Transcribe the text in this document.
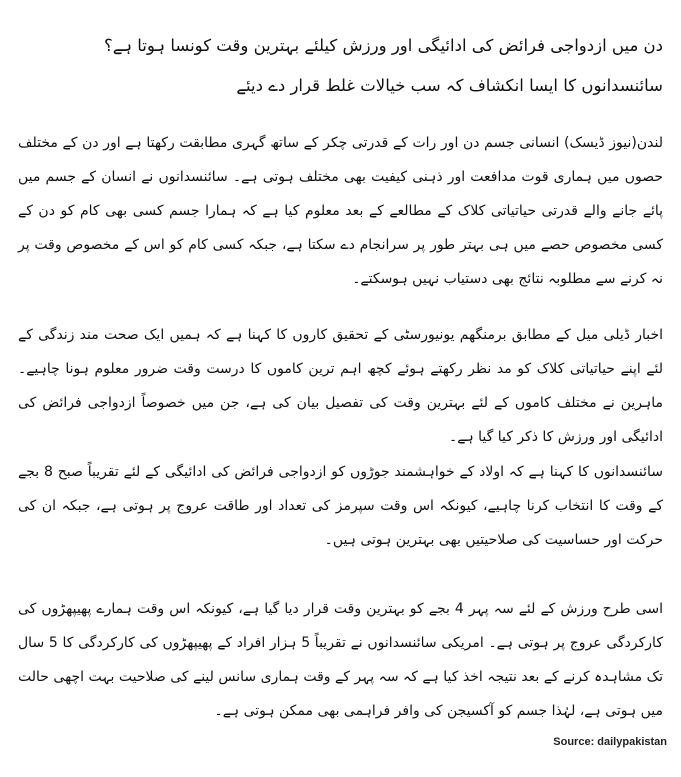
دن میں ازدواجی فرائض کی ادائیگی اور ورزش کیلئے بہترین وقت کونسا ہوتا ہے؟ سائنسدانوں کا ایسا انکشاف کہ سب خیالات غلط قرار دے دیئے
لندن(نیوز ڈیسک) انسانی جسم دن اور رات کے قدرتی چکر کے ساتھ گہری مطابقت رکھتا ہے اور دن کے مختلف حصوں میں ہماری قوت مدافعت اور ذہنی کیفیت بھی مختلف ہوتی ہے۔ سائنسدانوں نے انسان کے جسم میں پائے جانے والے قدرتی حیاتیاتی کلاک کے مطالعے کے بعد معلوم کیا ہے کہ ہمارا جسم کسی بھی کام کو دن کے کسی مخصوص حصے میں ہی بہتر طور پر سرانجام دے سکتا ہے، جبکہ کسی کام کو اس کے مخصوص وقت پر نہ کرنے سے مطلوبہ نتائج بھی دستیاب نہیں ہوسکتے۔
اخبار ڈیلی میل کے مطابق برمنگھم یونیورسٹی کے تحقیق کاروں کا کہنا ہے کہ ہمیں ایک صحت مند زندگی کے لئے اپنے حیاتیاتی کلاک کو مد نظر رکھتے ہوئے کچھ اہم ترین کاموں کا درست وقت ضرور معلوم ہونا چاہیے۔ ماہرین نے مختلف کاموں کے لئے بہترین وقت کی تفصیل بیان کی ہے، جن میں خصوصاً ازدواجی فرائض کی ادائیگی اور ورزش کا ذکر کیا گیا ہے۔
سائنسدانوں کا کہنا ہے کہ اولاد کے خواہشمند جوڑوں کو ازدواجی فرائض کی ادائیگی کے لئے تقریباً صبح 8 بجے کے وقت کا انتخاب کرنا چاہیے، کیونکہ اس وقت سپرمز کی تعداد اور طاقت عروج پر ہوتی ہے، جبکہ ان کی حرکت اور حساسیت کی صلاحیتیں بھی بہترین ہوتی ہیں۔
اسی طرح ورزش کے لئے سہ پہر 4 بجے کو بہترین وقت قرار دیا گیا ہے، کیونکہ اس وقت ہمارے پھیپھڑوں کی کارکردگی عروج پر ہوتی ہے۔ امریکی سائنسدانوں نے تقریباً 5 ہزار افراد کے پھیپھڑوں کی کارکردگی کا 5 سال تک مشاہدہ کرنے کے بعد نتیجہ اخذ کیا ہے کہ سہ پہر کے وقت ہماری سانس لینے کی صلاحیت بہت اچھی حالت میں ہوتی ہے، لہٰذا جسم کو آکسیجن کی وافر فراہمی بھی ممکن ہوتی ہے۔
Source: dailypakistan
